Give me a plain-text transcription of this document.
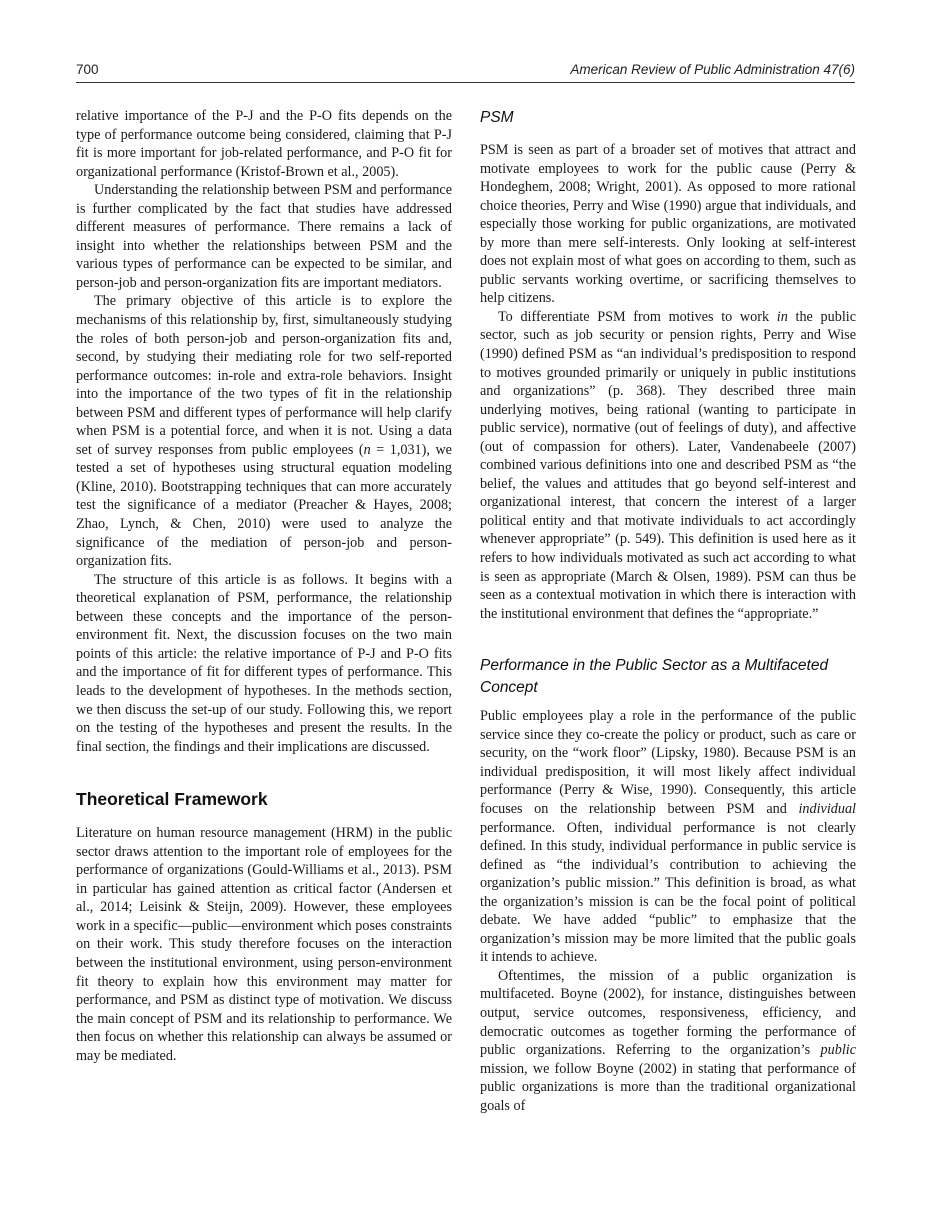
700	American Review of Public Administration 47(6)

relative importance of the P-J and the P-O fits depends on the type of performance outcome being considered, claiming that P-J fit is more important for job-related performance, and P-O fit for organizational performance (Kristof-Brown et al., 2005).

Understanding the relationship between PSM and performance is further complicated by the fact that studies have addressed different measures of performance. There remains a lack of insight into whether the relationships between PSM and the various types of performance can be expected to be similar, and person-job and person-organization fits are important mediators.

The primary objective of this article is to explore the mechanisms of this relationship by, first, simultaneously studying the roles of both person-job and person-organization fits and, second, by studying their mediating role for two self-reported performance outcomes: in-role and extra-role behaviors. Insight into the importance of the two types of fit in the relationship between PSM and different types of performance will help clarify when PSM is a potential force, and when it is not. Using a data set of survey responses from public employees (n = 1,031), we tested a set of hypotheses using structural equation modeling (Kline, 2010). Bootstrapping techniques that can more accurately test the significance of a mediator (Preacher & Hayes, 2008; Zhao, Lynch, & Chen, 2010) were used to analyze the significance of the mediation of person-job and person-organization fits.

The structure of this article is as follows. It begins with a theoretical explanation of PSM, performance, the relationship between these concepts and the importance of the person-environment fit. Next, the discussion focuses on the two main points of this article: the relative importance of P-J and P-O fits and the importance of fit for different types of performance. This leads to the development of hypotheses. In the methods section, we then discuss the set-up of our study. Following this, we report on the testing of the hypotheses and present the results. In the final section, the findings and their implications are discussed.

Theoretical Framework

Literature on human resource management (HRM) in the public sector draws attention to the important role of employees for the performance of organizations (Gould-Williams et al., 2013). PSM in particular has gained attention as critical factor (Andersen et al., 2014; Leisink & Steijn, 2009). However, these employees work in a specific—public—environment which poses constraints on their work. This study therefore focuses on the interaction between the institutional environment, using person-environment fit theory to explain how this environment may matter for performance, and PSM as distinct type of motivation. We discuss the main concept of PSM and its relationship to performance. We then focus on whether this relationship can always be assumed or may be mediated.

PSM

PSM is seen as part of a broader set of motives that attract and motivate employees to work for the public cause (Perry & Hondeghem, 2008; Wright, 2001). As opposed to more rational choice theories, Perry and Wise (1990) argue that individuals, and especially those working for public organizations, are motivated by more than mere self-interests. Only looking at self-interest does not explain most of what goes on according to them, such as public servants working overtime, or sacrificing themselves to help citizens.

To differentiate PSM from motives to work in the public sector, such as job security or pension rights, Perry and Wise (1990) defined PSM as “an individual’s predisposition to respond to motives grounded primarily or uniquely in public institutions and organizations” (p. 368). They described three main underlying motives, being rational (wanting to participate in public service), normative (out of feelings of duty), and affective (out of compassion for others). Later, Vandenabeele (2007) combined various definitions into one and described PSM as “the belief, the values and attitudes that go beyond self-interest and organizational interest, that concern the interest of a larger political entity and that motivate individuals to act accordingly whenever appropriate” (p. 549). This definition is used here as it refers to how individuals motivated as such act according to what is seen as appropriate (March & Olsen, 1989). PSM can thus be seen as a contextual motivation in which there is interaction with the institutional environment that defines the “appropriate.”

Performance in the Public Sector as a Multifaceted Concept

Public employees play a role in the performance of the public service since they co-create the policy or product, such as care or security, on the “work floor” (Lipsky, 1980). Because PSM is an individual predisposition, it will most likely affect individual performance (Perry & Wise, 1990). Consequently, this article focuses on the relationship between PSM and individual performance. Often, individual performance is not clearly defined. In this study, individual performance in public service is defined as “the individual’s contribution to achieving the organization’s public mission.” This definition is broad, as what the organization’s mission is can be the focal point of political debate. We have added “public” to emphasize that the organization’s mission may be more limited that the public goals it intends to achieve.

Oftentimes, the mission of a public organization is multifaceted. Boyne (2002), for instance, distinguishes between output, service outcomes, responsiveness, efficiency, and democratic outcomes as together forming the performance of public organizations. Referring to the organization’s public mission, we follow Boyne (2002) in stating that performance of public organizations is more than the traditional organizational goals of
